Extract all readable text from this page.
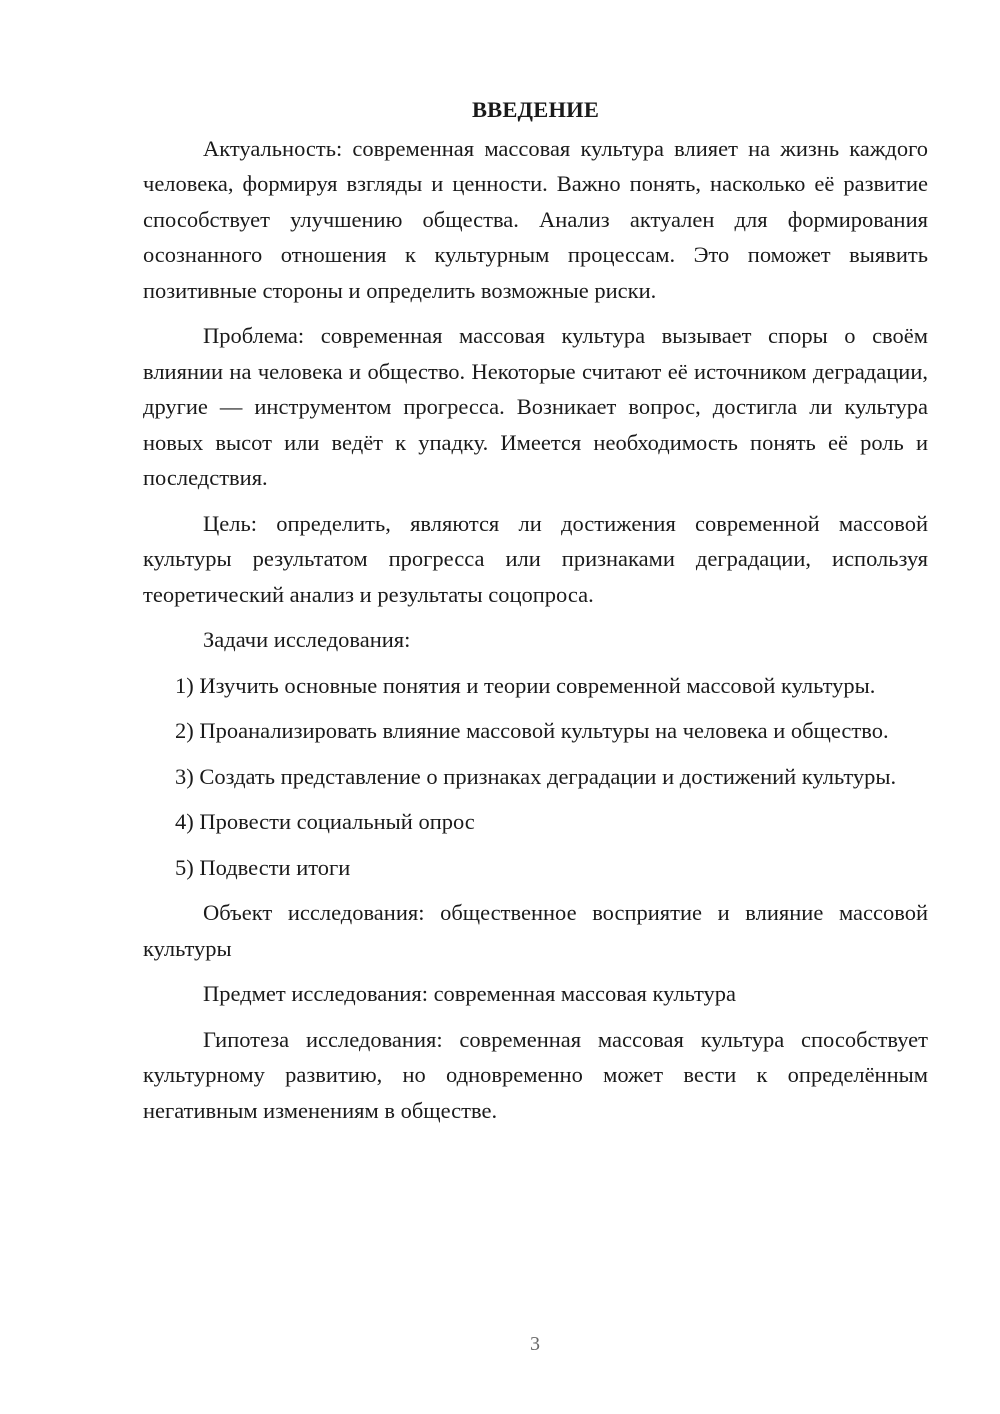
ВВЕДЕНИЕ

Актуальность: современная массовая культура влияет на жизнь каждого человека, формируя взгляды и ценности. Важно понять, насколько её развитие способствует улучшению общества. Анализ актуален для формирования осознанного отношения к культурным процессам. Это поможет выявить позитивные стороны и определить возможные риски.

Проблема: современная массовая культура вызывает споры о своём влиянии на человека и общество. Некоторые считают её источником деградации, другие — инструментом прогресса. Возникает вопрос, достигла ли культура новых высот или ведёт к упадку. Имеется необходимость понять её роль и последствия.

Цель: определить, являются ли достижения современной массовой культуры результатом прогресса или признаками деградации, используя теоретический анализ и результаты соцопроса.

Задачи исследования:

1) Изучить основные понятия и теории современной массовой культуры.

2) Проанализировать влияние массовой культуры на человека и общество.

3) Создать представление о признаках деградации и достижений культуры.

4) Провести социальный опрос

5) Подвести итоги

Объект исследования: общественное восприятие и влияние массовой культуры

Предмет исследования: современная массовая культура

Гипотеза исследования: современная массовая культура способствует культурному развитию, но одновременно может вести к определённым негативным изменениям в обществе.

3
